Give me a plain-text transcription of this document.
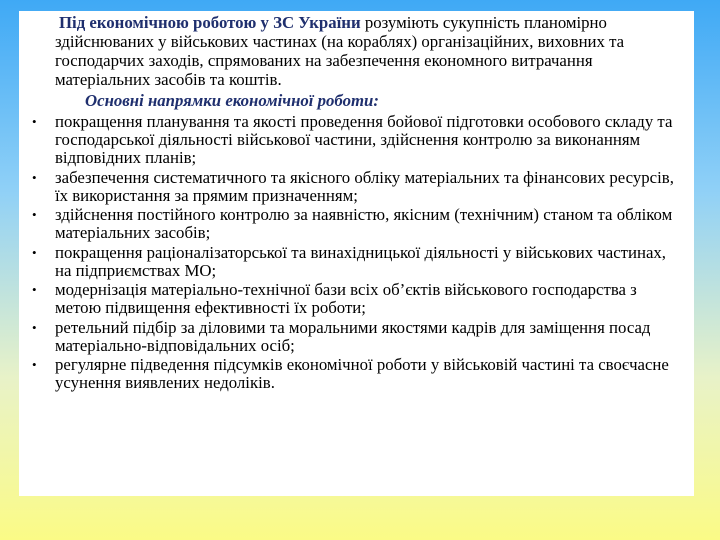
Під економічною роботою у ЗС України розуміють сукупність планомірно здійснюваних у військових частинах (на кораблях) організаційних, виховних та господарчих заходів, спрямованих на забезпечення економного витрачання матеріальних засобів та коштів.

Основні напрямки економічної роботи:
• покращення планування та якості проведення бойової підготовки особового складу та господарської діяльності військової частини, здійснення контролю за виконанням відповідних планів;
• забезпечення систематичного та якісного обліку матеріальних та фінансових ресурсів, їх використання за прямим призначенням;
• здійснення постійного контролю за наявністю, якісним (технічним) станом та обліком матеріальних засобів;
• покращення раціоналізаторської та винахідницької діяльності у військових частинах, на підприємствах МО;
• модернізація матеріально-технічної бази всіх об’єктів військового господарства з метою підвищення ефективності їх роботи;
• ретельний підбір за діловими та моральними якостями кадрів для заміщення посад матеріально-відповідальних осіб;
• регулярне підведення підсумків економічної роботи у військовій частині та своєчасне усунення виявлених недоліків.
